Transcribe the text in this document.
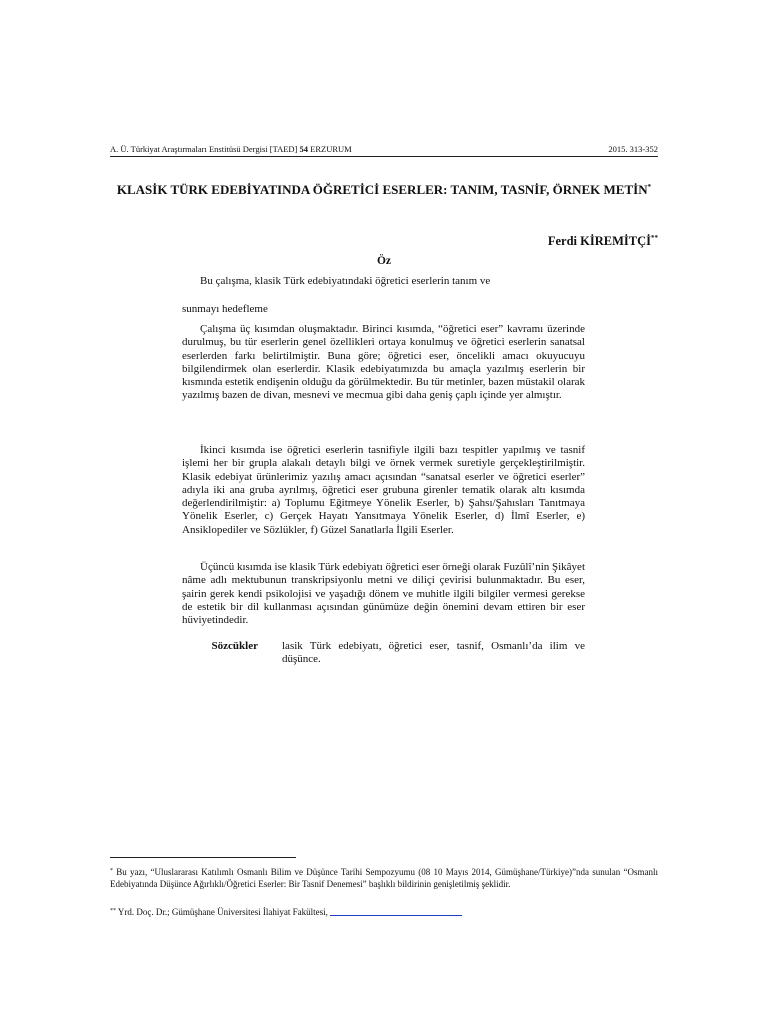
A. Ü. Türkiyat Araştırmaları Enstitüsü Dergisi [TAED] 54 ERZURUM	2015. 313-352
KLASİK TÜRK EDEBİYATINDA ÖĞRETİCİ ESERLER: TANIM, TASNİF, ÖRNEK METİN*
Ferdi KİREMİTÇİ**
Öz
Bu çalışma, klasik Türk edebiyatındaki öğretici eserlerin tanım ve
sunmayı hedefleme
Çalışma üç kısımdan oluşmaktadır. Birinci kısımda, “öğretici eser” kavramı üzerinde durulmuş, bu tür eserlerin genel özellikleri ortaya konulmuş ve öğretici eserlerin sanatsal eserlerden farkı belirtilmiştir. Buna göre; öğretici eser, öncelikli amacı okuyucuyu bilgilendirmek olan eserlerdir. Klasik edebiyatımızda bu amaçla yazılmış eserlerin bir kısmında estetik endişenin olduğu da görülmektedir. Bu tür metinler, bazen müstakil olarak yazılmış bazen de divan, mesnevi ve mecmua gibi daha geniş çaplı içinde yer almıştır.
İkinci kısımda ise öğretici eserlerin tasnifiyle ilgili bazı tespitler yapılmış ve tasnif işlemi her bir grupla alakalı detaylı bilgi ve örnek vermek suretiyle gerçekleştirilmiştir. Klasik edebiyat ürünlerimiz yazılış amacı açısından “sanatsal eserler ve öğretici eserler” adıyla iki ana gruba ayrılmış, öğretici eser grubuna girenler tematik olarak altı kısımda değerlendirilmiştir: a) Toplumu Eğitmeye Yönelik Eserler, b) Şahsı/Şahısları Tanıtmaya Yönelik Eserler, c) Gerçek Hayatı Yansıtmaya Yönelik Eserler, d) İlmî Eserler, e) Ansiklopediler ve Sözlükler, f) Güzel Sanatlarla İlgili Eserler.
Üçüncü kısımda ise klasik Türk edebiyatı öğretici eser örneği olarak Fuzûlî’nin Şikâyet nâme adlı mektubunun transkripsiyonlu metni ve diliçi çevirisi bulunmaktadır. Bu eser, şairin gerek kendi psikolojisi ve yaşadığı dönem ve muhitle ilgili bilgiler vermesi gerekse de estetik bir dil kullanması açısından günümüze değin önemini devam ettiren bir eser hüviyetindedir.
Sözcükler	lasik Türk edebiyatı, öğretici eser, tasnif, Osmanlı’da ilim ve düşünce.
* Bu yazı, “Uluslararası Katılımlı Osmanlı Bilim ve Düşünce Tarihi Sempozyumu (08 10 Mayıs 2014, Gümüşhane/Türkiye)”nda sunulan “Osmanlı Edebiyatında Düşünce Ağırlıklı/Öğretici Eserler: Bir Tasnif Denemesi” başlıklı bildirinin genişletilmiş şeklidir.
** Yrd. Doç. Dr.; Gümüşhane Üniversitesi İlahiyat Fakültesi,
